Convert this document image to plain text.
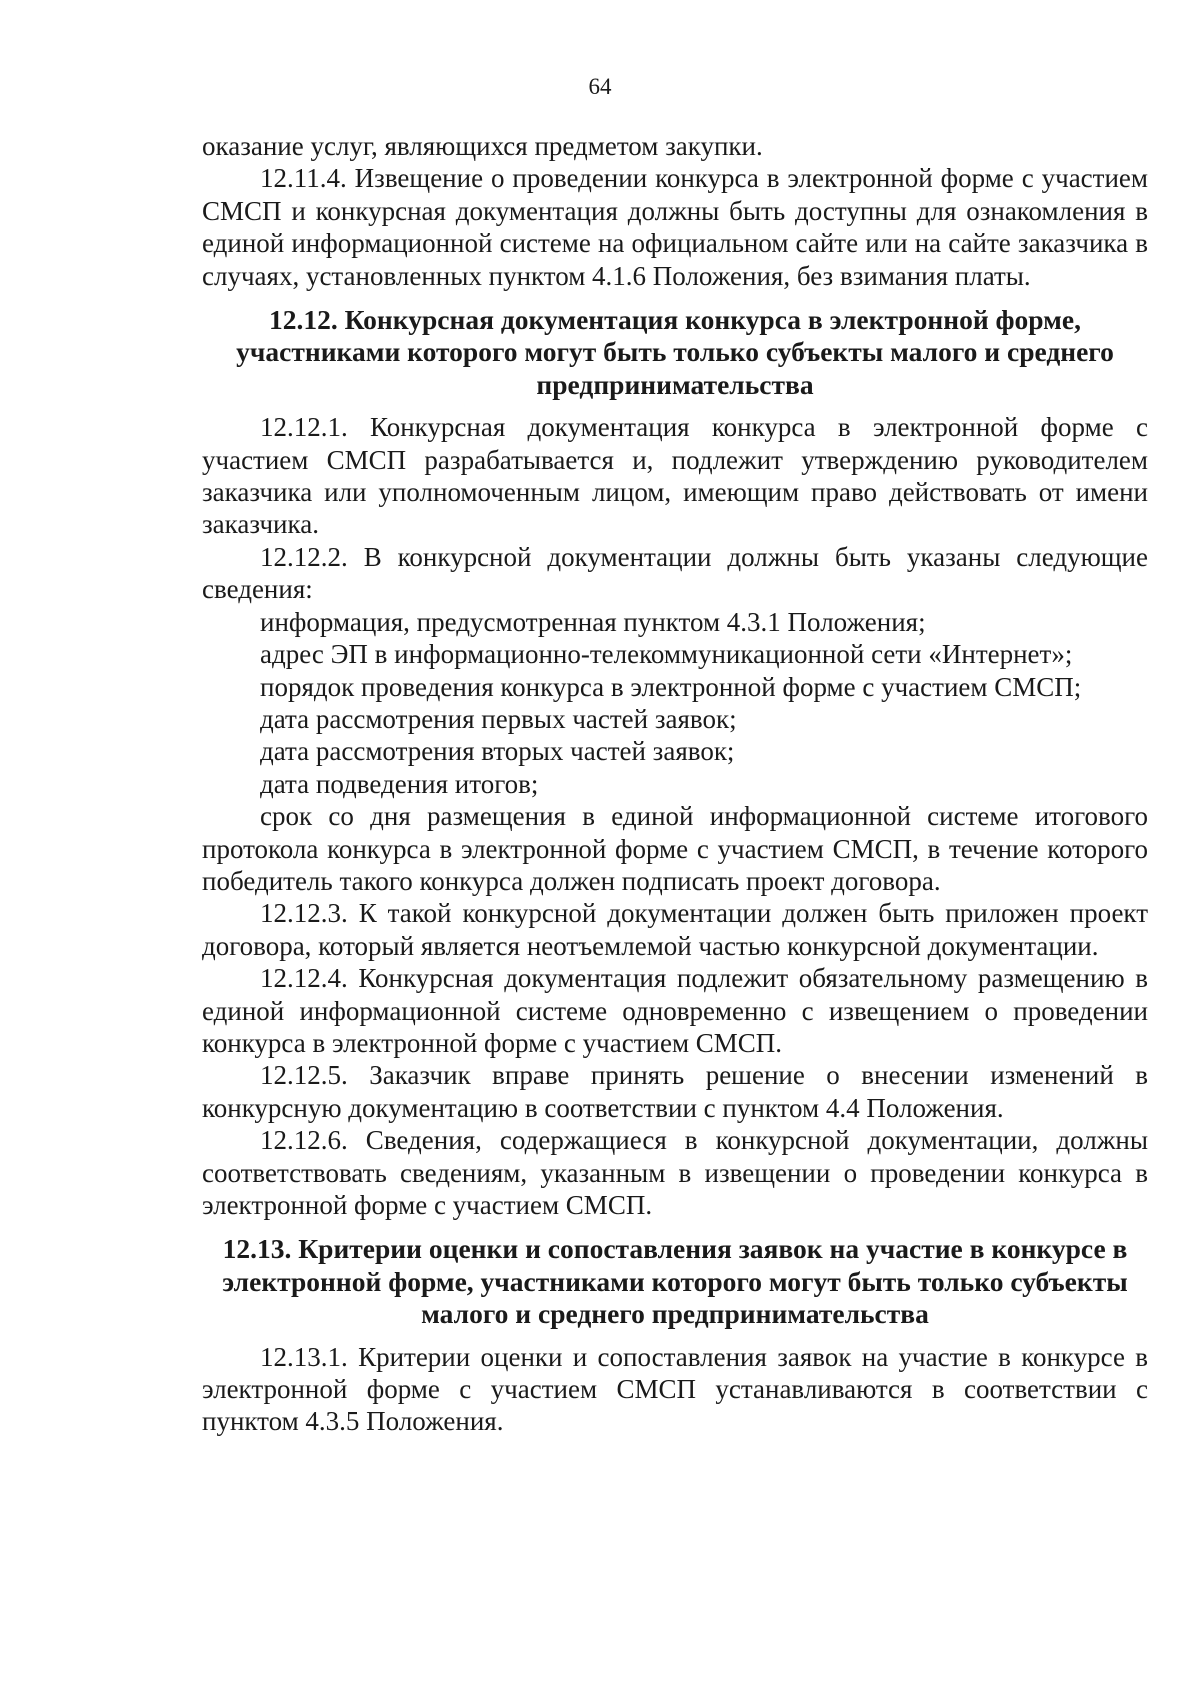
64

оказание услуг, являющихся предметом закупки.

12.11.4. Извещение о проведении конкурса в электронной форме с участием СМСП и конкурсная документация должны быть доступны для ознакомления в единой информационной системе на официальном сайте или на сайте заказчика в случаях, установленных пунктом 4.1.6 Положения, без взимания платы.

12.12. Конкурсная документация конкурса в электронной форме, участниками которого могут быть только субъекты малого и среднего предпринимательства

12.12.1. Конкурсная документация конкурса в электронной форме с участием СМСП разрабатывается и, подлежит утверждению руководителем заказчика или уполномоченным лицом, имеющим право действовать от имени заказчика.

12.12.2. В конкурсной документации должны быть указаны следующие сведения:

информация, предусмотренная пунктом 4.3.1 Положения;

адрес ЭП в информационно-телекоммуникационной сети «Интернет»;

порядок проведения конкурса в электронной форме с участием СМСП;

дата рассмотрения первых частей заявок;

дата рассмотрения вторых частей заявок;

дата подведения итогов;

срок со дня размещения в единой информационной системе итогового протокола конкурса в электронной форме с участием СМСП, в течение которого победитель такого конкурса должен подписать проект договора.

12.12.3. К такой конкурсной документации должен быть приложен проект договора, который является неотъемлемой частью конкурсной документации.

12.12.4. Конкурсная документация подлежит обязательному размещению в единой информационной системе одновременно с извещением о проведении конкурса в электронной форме с участием СМСП.

12.12.5. Заказчик вправе принять решение о внесении изменений в конкурсную документацию в соответствии с пунктом 4.4 Положения.

12.12.6. Сведения, содержащиеся в конкурсной документации, должны соответствовать сведениям, указанным в извещении о проведении конкурса в электронной форме с участием СМСП.

12.13. Критерии оценки и сопоставления заявок на участие в конкурсе в электронной форме, участниками которого могут быть только субъекты малого и среднего предпринимательства

12.13.1. Критерии оценки и сопоставления заявок на участие в конкурсе в электронной форме с участием СМСП устанавливаются в соответствии с пунктом 4.3.5 Положения.
